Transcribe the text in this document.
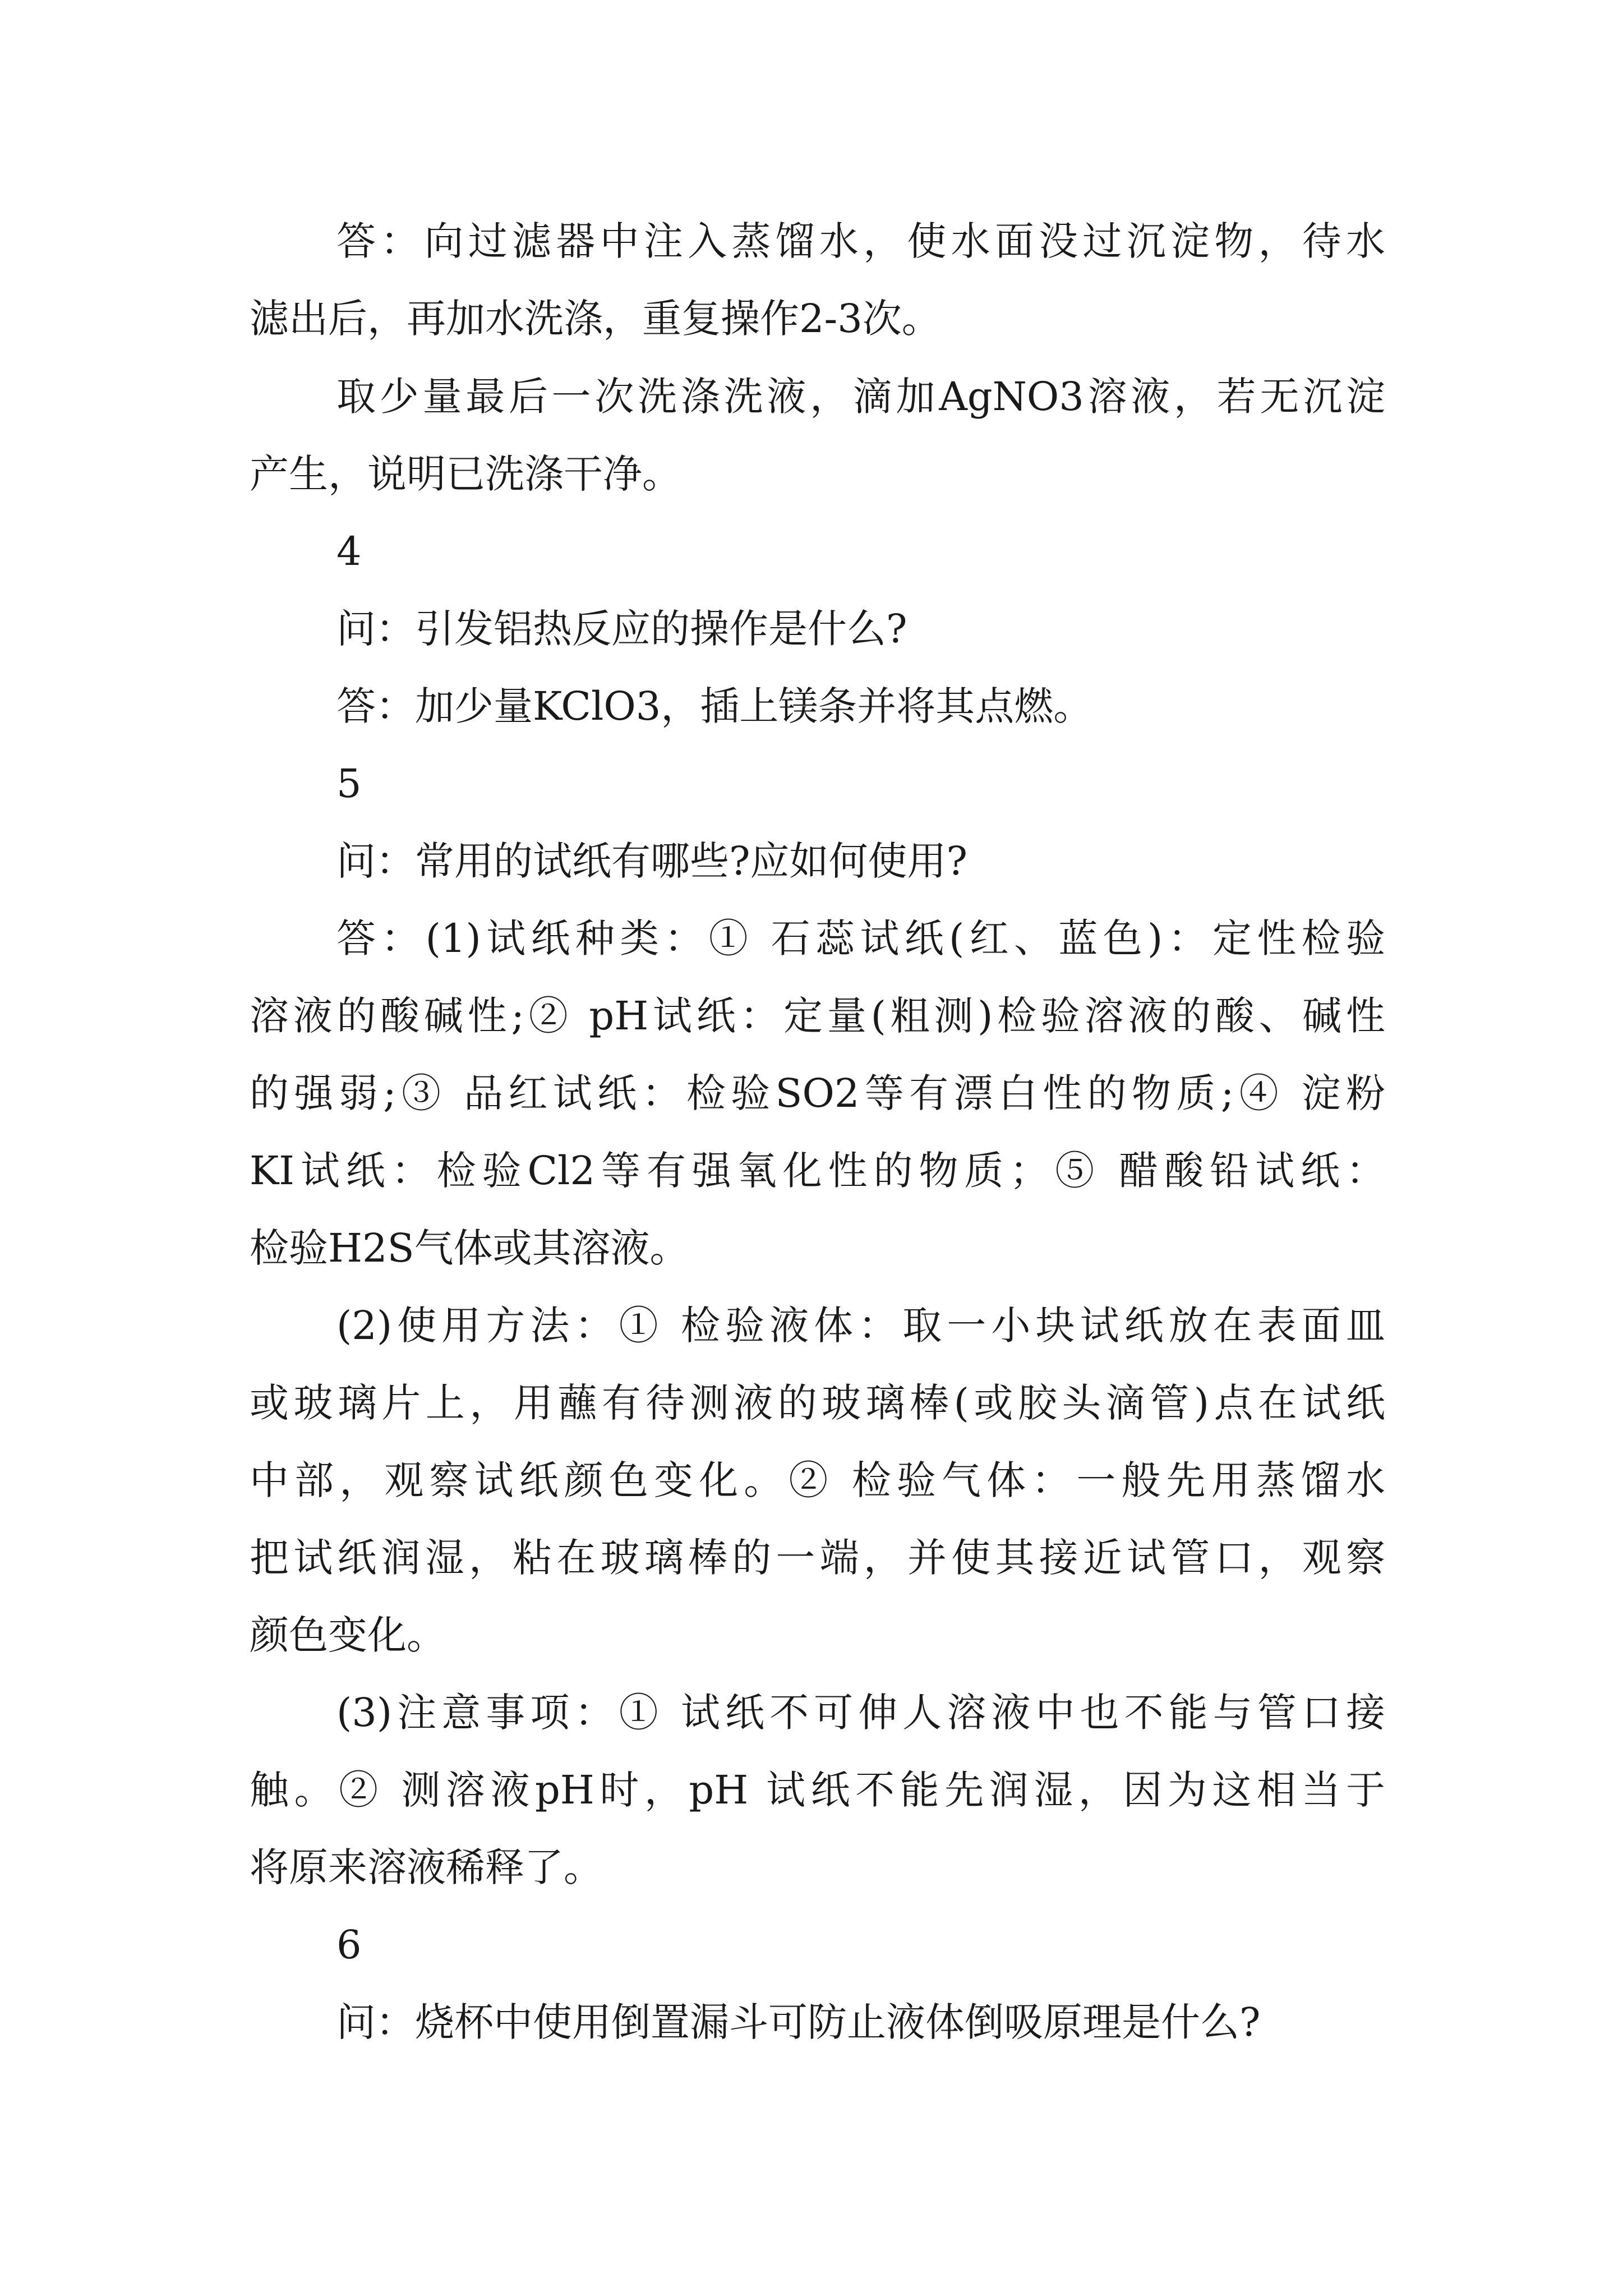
答：向过滤器中注入蒸馏水，使水面没过沉淀物，待水
滤出后，再加水洗涤，重复操作2-3次。
取少量最后一次洗涤洗液，滴加AgNO3溶液，若无沉淀
产生，说明已洗涤干净。
4
问：引发铝热反应的操作是什么?
答：加少量KClO3，插上镁条并将其点燃。
5
问：常用的试纸有哪些?应如何使用?
答：(1)试纸种类：① 石蕊试纸(红、蓝色)：定性检验
溶液的酸碱性;② pH试纸：定量(粗测)检验溶液的酸、碱性
的强弱;③ 品红试纸：检验SO2等有漂白性的物质;④ 淀粉
KI试纸：检验Cl2等有强氧化性的物质；⑤ 醋酸铅试纸：
检验H2S气体或其溶液。
(2)使用方法：① 检验液体：取一小块试纸放在表面皿
或玻璃片上，用蘸有待测液的玻璃棒(或胶头滴管)点在试纸
中部，观察试纸颜色变化。② 检验气体：一般先用蒸馏水
把试纸润湿，粘在玻璃棒的一端，并使其接近试管口，观察
颜色变化。
(3)注意事项：① 试纸不可伸人溶液中也不能与管口接
触。② 测溶液pH时，pH 试纸不能先润湿，因为这相当于
将原来溶液稀释了。
6
问：烧杯中使用倒置漏斗可防止液体倒吸原理是什么?
